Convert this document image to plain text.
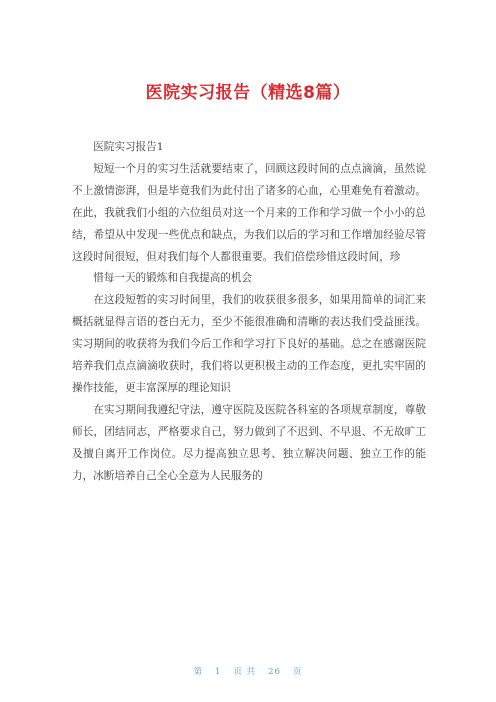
医院实习报告（精选8篇）

医院实习报告1

短短一个月的实习生活就要结束了，回顾这段时间的点点滴滴，虽然说不上激情澎湃，但是毕竟我们为此付出了诸多的心血，心里难免有着激动。在此，我就我们小组的六位组员对这一个月来的工作和学习做一个小小的总结，希望从中发现一些优点和缺点，为我们以后的学习和工作增加经验尽管这段时间很短，但对我们每个人都很重要。我们倍偿珍惜这段时间，珍

惜每一天的锻炼和自我提高的机会

在这段短暂的实习时间里，我们的收获很多很多，如果用简单的词汇来概括就显得言语的苍白无力，至少不能很准确和清晰的表达我们受益匪浅。实习期间的收获将为我们今后工作和学习打下良好的基础。总之在感谢医院培养我们点点滴滴收获时，我们将以更积极主动的工作态度，更扎实牢固的操作技能，更丰富深厚的理论知识

在实习期间我遵纪守法，遵守医院及医院各科室的各项规章制度，尊敬师长，团结同志，严格要求自己，努力做到了不迟到、不早退、不无故旷工及擅自离开工作岗位。尽力提高独立思考、独立解决问题、独立工作的能力，冰断培养自己全心全意为人民服务的

第 1 页 共 26 页
